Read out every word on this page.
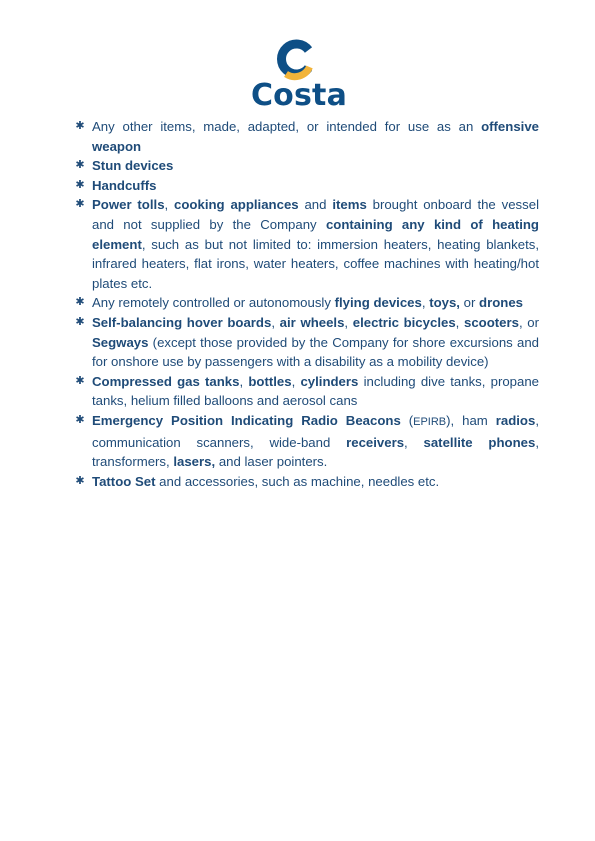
Costa
✱ Any other items, made, adapted, or intended for use as an offensive weapon
✱ Stun devices
✱ Handcuffs
✱ Power tolls, cooking appliances and items brought onboard the vessel and not supplied by the Company containing any kind of heating element, such as but not limited to: immersion heaters, heating blankets, infrared heaters, flat irons, water heaters, coffee machines with heating/hot plates etc.
✱ Any remotely controlled or autonomously flying devices, toys, or drones
✱ Self-balancing hover boards, air wheels, electric bicycles, scooters, or Segways (except those provided by the Company for shore excursions and for onshore use by passengers with a disability as a mobility device)
✱ Compressed gas tanks, bottles, cylinders including dive tanks, propane tanks, helium filled balloons and aerosol cans
✱ Emergency Position Indicating Radio Beacons (EPIRB), ham radios, communication scanners, wide-band receivers, satellite phones, transformers, lasers, and laser pointers.
✱ Tattoo Set and accessories, such as machine, needles etc.
